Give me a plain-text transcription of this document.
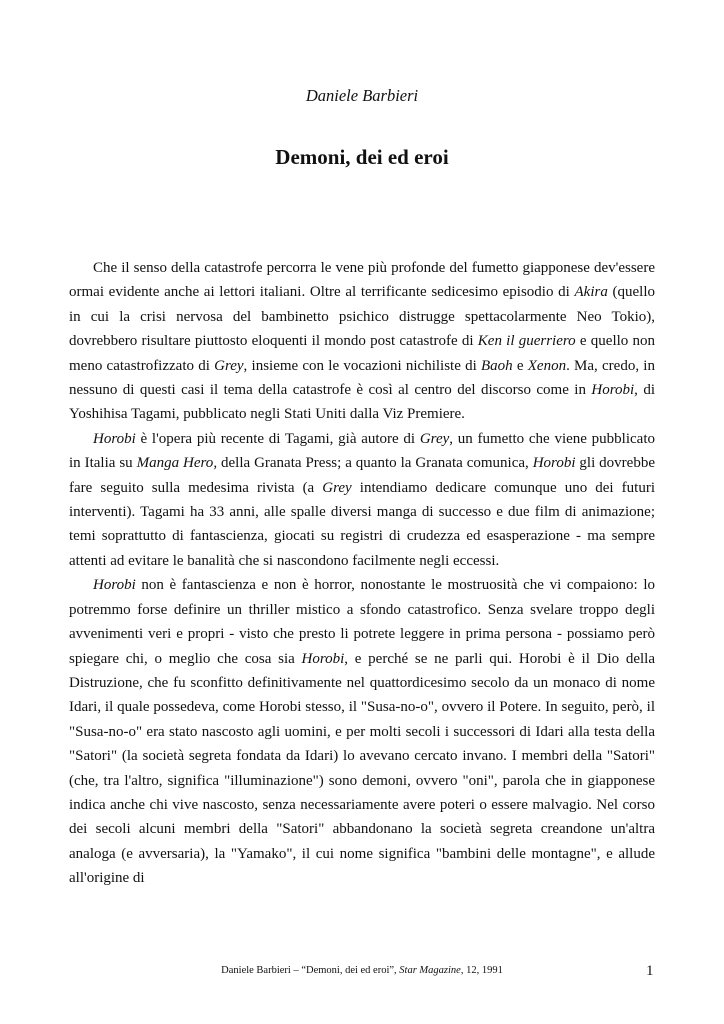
Daniele Barbieri
Demoni, dei ed eroi

Che il senso della catastrofe percorra le vene più profonde del fumetto giapponese dev'essere ormai evidente anche ai lettori italiani. Oltre al terrificante sedicesimo episodio di Akira (quello in cui la crisi nervosa del bambinetto psichico distrugge spettacolarmente Neo Tokio), dovrebbero risultare piuttosto eloquenti il mondo post catastrofe di Ken il guerriero e quello non meno catastrofizzato di Grey, insieme con le vocazioni nichiliste di Baoh e Xenon. Ma, credo, in nessuno di questi casi il tema della catastrofe è così al centro del discorso come in Horobi, di Yoshihisa Tagami, pubblicato negli Stati Uniti dalla Viz Premiere.

Horobi è l'opera più recente di Tagami, già autore di Grey, un fumetto che viene pubblicato in Italia su Manga Hero, della Granata Press; a quanto la Granata comunica, Horobi gli dovrebbe fare seguito sulla medesima rivista (a Grey intendiamo dedicare comunque uno dei futuri interventi). Tagami ha 33 anni, alle spalle diversi manga di successo e due film di animazione; temi soprattutto di fantascienza, giocati su registri di crudezza ed esasperazione - ma sempre attenti ad evitare le banalità che si nascondono facilmente negli eccessi.

Horobi non è fantascienza e non è horror, nonostante le mostruosità che vi compaiono: lo potremmo forse definire un thriller mistico a sfondo catastrofico. Senza svelare troppo degli avvenimenti veri e propri - visto che presto li potrete leggere in prima persona - possiamo però spiegare chi, o meglio che cosa sia Horobi, e perché se ne parli qui. Horobi è il Dio della Distruzione, che fu sconfitto definitivamente nel quattordicesimo secolo da un monaco di nome Idari, il quale possedeva, come Horobi stesso, il "Susa-no-o", ovvero il Potere. In seguito, però, il "Susa-no-o" era stato nascosto agli uomini, e per molti secoli i successori di Idari alla testa della "Satori" (la società segreta fondata da Idari) lo avevano cercato invano. I membri della "Satori" (che, tra l'altro, significa "illuminazione") sono demoni, ovvero "oni", parola che in giapponese indica anche chi vive nascosto, senza necessariamente avere poteri o essere malvagio. Nel corso dei secoli alcuni membri della "Satori" abbandonano la società segreta creandone un'altra analoga (e avversaria), la "Yamako", il cui nome significa "bambini delle montagne", e allude all'origine di

Daniele Barbieri – “Demoni, dei ed eroi”, Star Magazine, 12, 1991	1
